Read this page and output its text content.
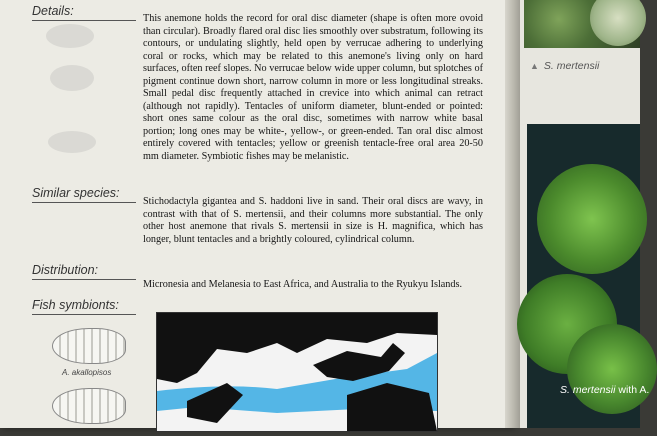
Details:
Similar species:
Distribution:
Fish symbionts:
This anemone holds the record for oral disc diameter (shape is often more ovoid than circular). Broadly flared oral disc lies smoothly over substratum, following its contours, or undulating slightly, held open by verrucae adhering to underlying coral or rocks, which may be related to this anemone's living only on hard surfaces, often reef slopes. No verrucae below wide upper column, but splotches of pigment continue down short, narrow column in more or less longitudinal streaks. Small pedal disc frequently attached in crevice into which animal can retract (although not rapidly). Tentacles of uniform diameter, blunt-ended or pointed: short ones same colour as the oral disc, sometimes with narrow white basal portion; long ones may be white-, yellow-, or green-ended. Tan oral disc almost entirely covered with tentacles; yellow or greenish tentacle-free oral area 20-50 mm diameter. Symbiotic fishes may be melanistic.
Stichodactyla gigantea and S. haddoni live in sand. Their oral discs are wavy, in contrast with that of S. mertensii, and their columns more substantial. The only other host anemone that rivals S. mertensii in size is H. magnifica, which has longer, blunt tentacles and a brightly coloured, cylindrical column.
Micronesia and Melanesia to East Africa, and Australia to the Ryukyu Islands.
A. akallopisos
▲ S. mertensii
S. mertensii with A.
